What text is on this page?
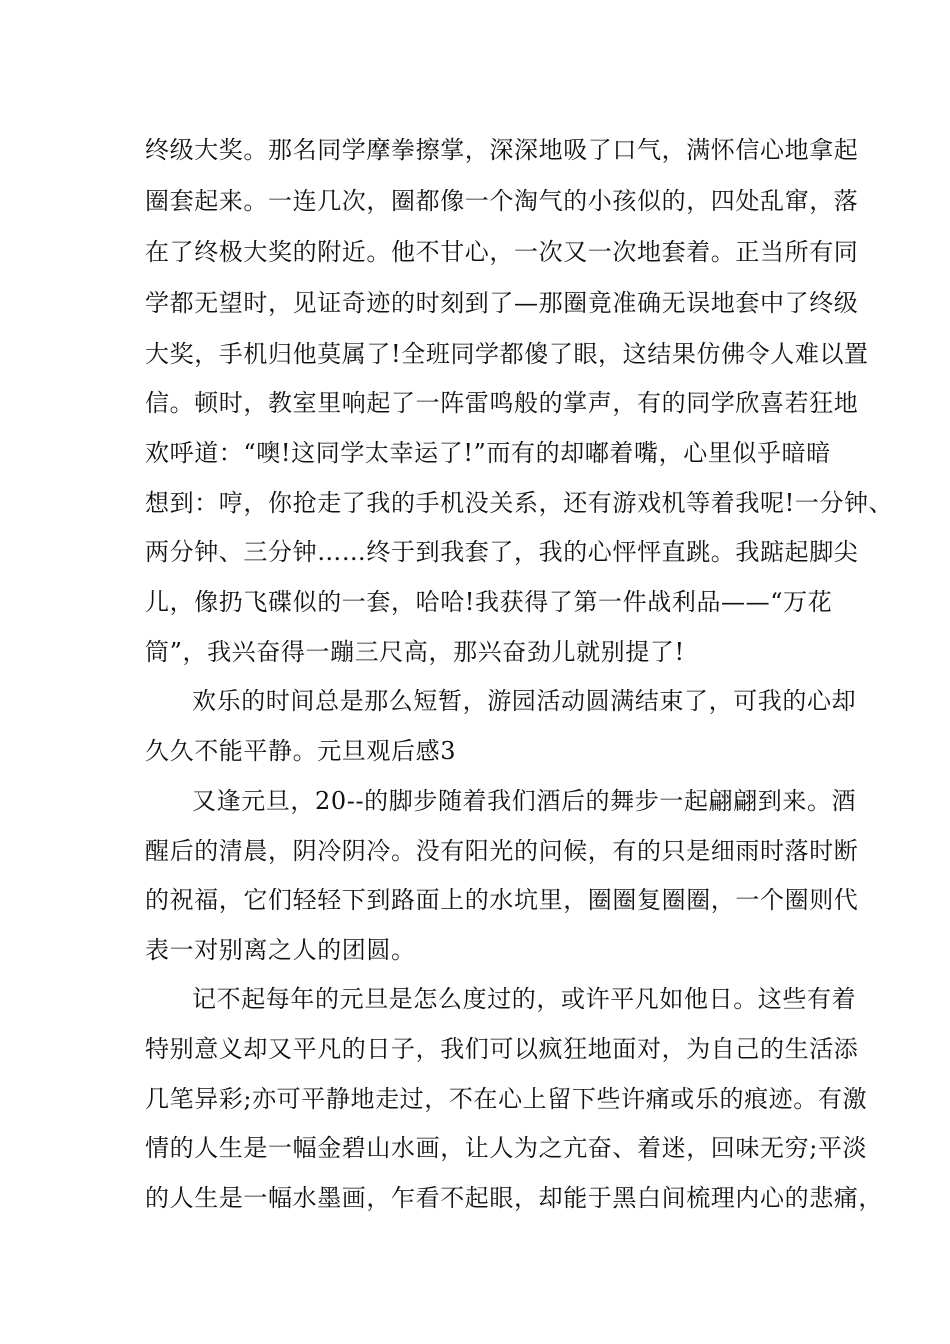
终级大奖。那名同学摩拳擦掌，深深地吸了口气，满怀信心地拿起
圈套起来。一连几次，圈都像一个淘气的小孩似的，四处乱窜，落
在了终极大奖的附近。他不甘心，一次又一次地套着。正当所有同
学都无望时，见证奇迹的时刻到了—那圈竟准确无误地套中了终级
大奖，手机归他莫属了!全班同学都傻了眼，这结果仿佛令人难以置
信。顿时，教室里响起了一阵雷鸣般的掌声，有的同学欣喜若狂地
欢呼道：“噢!这同学太幸运了!”而有的却嘟着嘴，心里似乎暗暗
想到：哼，你抢走了我的手机没关系，还有游戏机等着我呢!一分钟、
两分钟、三分钟……终于到我套了，我的心怦怦直跳。我踮起脚尖
儿，像扔飞碟似的一套，哈哈!我获得了第一件战利品——“万花
筒”，我兴奋得一蹦三尺高，那兴奋劲儿就别提了!
欢乐的时间总是那么短暂，游园活动圆满结束了，可我的心却
久久不能平静。元旦观后感3
又逢元旦，20--的脚步随着我们酒后的舞步一起翩翩到来。酒
醒后的清晨，阴冷阴冷。没有阳光的问候，有的只是细雨时落时断
的祝福，它们轻轻下到路面上的水坑里，圈圈复圈圈，一个圈则代
表一对别离之人的团圆。
记不起每年的元旦是怎么度过的，或许平凡如他日。这些有着
特别意义却又平凡的日子，我们可以疯狂地面对，为自己的生活添
几笔异彩;亦可平静地走过，不在心上留下些许痛或乐的痕迹。有激
情的人生是一幅金碧山水画，让人为之亢奋、着迷，回味无穷;平淡
的人生是一幅水墨画，乍看不起眼，却能于黑白间梳理内心的悲痛，
